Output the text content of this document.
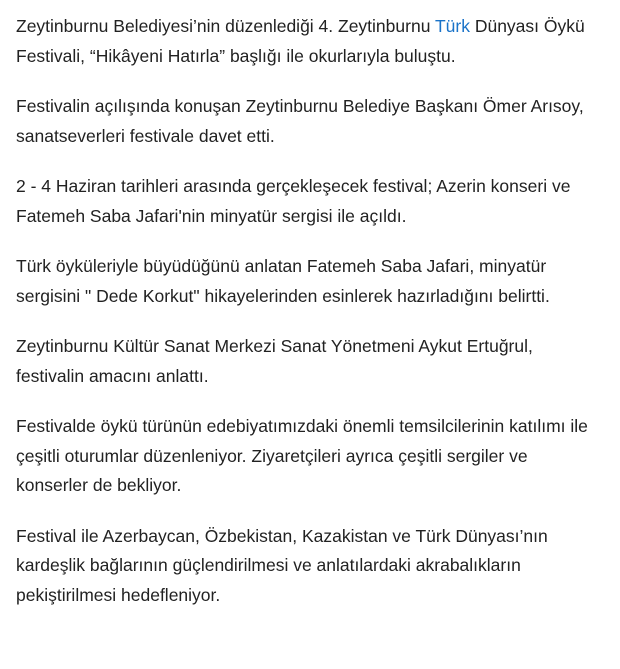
Zeytinburnu Belediyesi’nin düzenlediği 4. Zeytinburnu Türk Dünyası Öykü Festivali, “Hikâyeni Hatırla” başlığı ile okurlarıyla buluştu.

Festivalin açılışında konuşan Zeytinburnu Belediye Başkanı Ömer Arısoy, sanatseverleri festivale davet etti.

2 - 4 Haziran tarihleri arasında gerçekleşecek festival; Azerin konseri ve Fatemeh Saba Jafari'nin minyatür sergisi ile açıldı.

Türk öyküleriyle büyüdüğünü anlatan Fatemeh Saba Jafari, minyatür sergisini " Dede Korkut" hikayelerinden esinlerek hazırladığını belirtti.

Zeytinburnu Kültür Sanat Merkezi Sanat Yönetmeni Aykut Ertuğrul, festivalin amacını anlattı.

Festivalde öykü türünün edebiyatımızdaki önemli temsilcilerinin katılımı ile çeşitli oturumlar düzenleniyor. Ziyaretçileri ayrıca çeşitli sergiler ve konserler de bekliyor.

Festival ile Azerbaycan, Özbekistan, Kazakistan ve Türk Dünyası’nın kardeşlik bağlarının güçlendirilmesi ve anlatılardaki akrabalıkların pekiştirilmesi hedefleniyor.
